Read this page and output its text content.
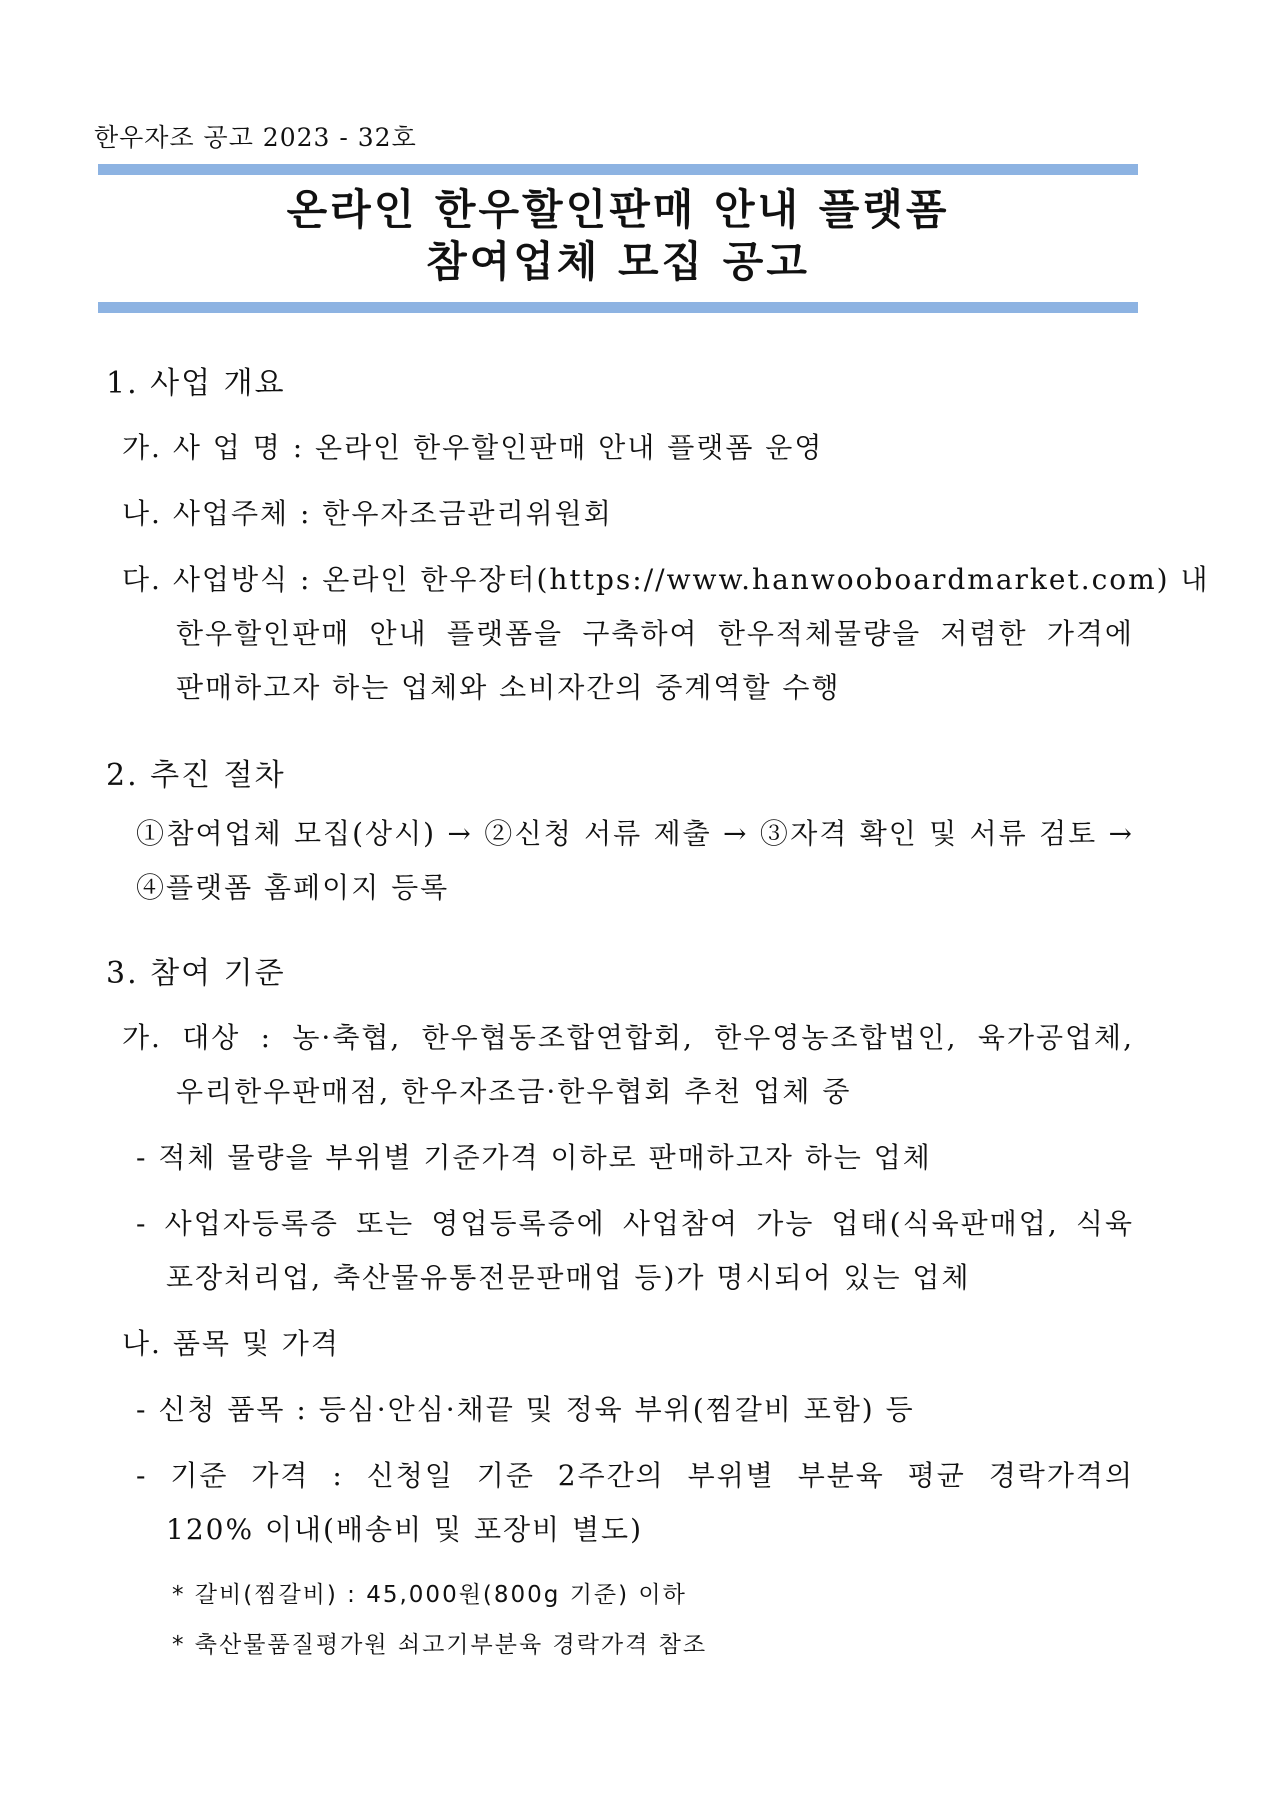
한우자조 공고 2023 - 32호
온라인 한우할인판매 안내 플랫폼
참여업체 모집 공고
1. 사업 개요
가. 사 업 명 : 온라인 한우할인판매 안내 플랫폼 운영
나. 사업주체 : 한우자조금관리위원회
다. 사업방식 : 온라인 한우장터(https://www.hanwooboardmarket.com) 내
한우할인판매 안내 플랫폼을 구축하여 한우적체물량을 저렴한 가격에
판매하고자 하는 업체와 소비자간의 중계역할 수행
2. 추진 절차
①참여업체 모집(상시) → ②신청 서류 제출 → ③자격 확인 및 서류 검토 →
④플랫폼 홈페이지 등록
3. 참여 기준
가. 대상 : 농·축협, 한우협동조합연합회, 한우영농조합법인, 육가공업체,
우리한우판매점, 한우자조금·한우협회 추천 업체 중
- 적체 물량을 부위별 기준가격 이하로 판매하고자 하는 업체
- 사업자등록증 또는 영업등록증에 사업참여 가능 업태(식육판매업, 식육
포장처리업, 축산물유통전문판매업 등)가 명시되어 있는 업체
나. 품목 및 가격
- 신청 품목 : 등심·안심·채끝 및 정육 부위(찜갈비 포함) 등
- 기준 가격 : 신청일 기준 2주간의 부위별 부분육 평균 경락가격의
120% 이내(배송비 및 포장비 별도)
* 갈비(찜갈비) : 45,000원(800g 기준) 이하
* 축산물품질평가원 쇠고기부분육 경락가격 참조
